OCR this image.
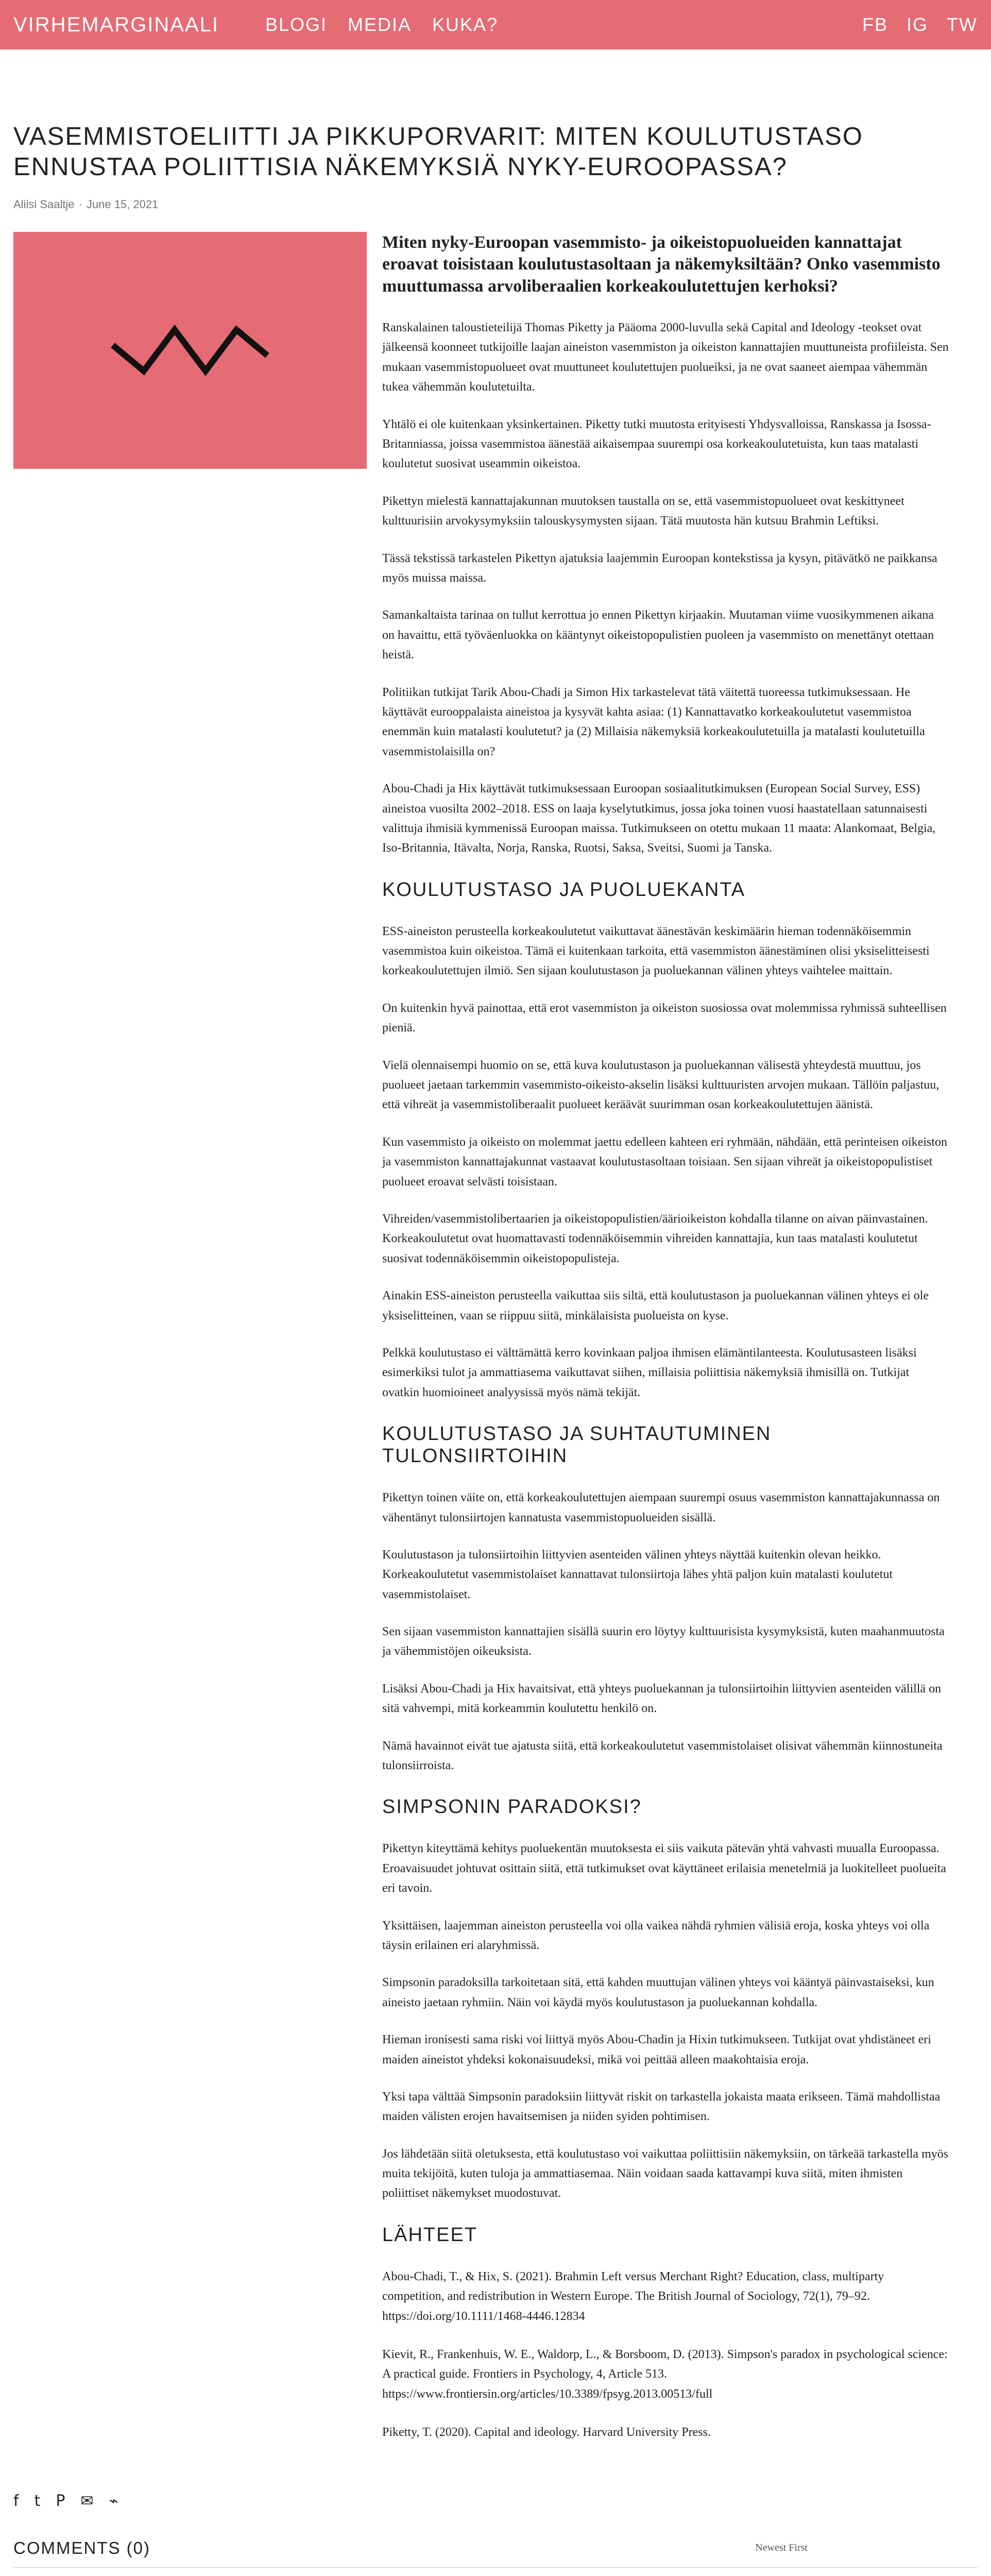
VIRHEMARGINAALI	BLOGI MEDIA KUKA?	FB IG TW
VASEMMISTOELIITTI JA PIKKUPORVARIT: MITEN KOULUTUSTASO ENNUSTAA POLIITTISIA NÄKEMYKSIÄ NYKY-EUROOPASSA?
Aliisi Saaltje · June 15, 2021

Miten nyky-Euroopan vasemmisto- ja oikeistopuolueiden kannattajat eroavat toisistaan koulutustasoltaan ja näkemyksiltään? Onko vasemmisto muuttumassa arvoliberaalien korkeakoulutettujen kerhoksi?

Ranskalainen taloustieteilijä Thomas Piketty ja Pääoma 2000-luvulla sekä Capital and Ideology -teokset ovat jälkeensä koonneet tutkijoille laajan aineiston vasemmiston ja oikeiston kannattajien muuttuneista profiileista. Sen mukaan vasemmistopuolueet ovat muuttuneet koulutettujen puolueiksi, ja ne ovat saaneet aiempaa vähemmän tukea vähemmän koulutetuilta.

Yhtälö ei ole kuitenkaan yksinkertainen. Piketty tutki muutosta erityisesti Yhdysvalloissa, Ranskassa ja Isossa-Britanniassa, joissa vasemmistoa äänestää aikaisempaa suurempi osa korkeakoulutetuista, kun taas matalasti koulutetut suosivat useammin oikeistoa.

Pikettyn mielestä kannattajakunnan muutoksen taustalla on se, että vasemmistopuolueet ovat keskittyneet kulttuurisiin arvokysymyksiin talouskysymysten sijaan. Tätä muutosta hän kutsuu Brahmin Leftiksi.

Tässä tekstissä tarkastelen Pikettyn ajatuksia laajemmin Euroopan kontekstissa ja kysyn, pitävätkö ne paikkansa myös muissa maissa.

Samankaltaista tarinaa on tullut kerrottua jo ennen Pikettyn kirjaakin. Muutaman viime vuosikymmenen aikana on havaittu, että työväenluokka on kääntynyt oikeistopopulistien puoleen ja vasemmisto on menettänyt otettaan heistä.

Politiikan tutkijat Tarik Abou-Chadi ja Simon Hix tarkastelevat tätä väitettä tuoreessa tutkimuksessaan. He käyttävät eurooppalaista aineistoa ja kysyvät kahta asiaa: (1) Kannattavatko korkeakoulutetut vasemmistoa enemmän kuin matalasti koulutetut? ja (2) Millaisia näkemyksiä korkeakoulutetuilla ja matalasti koulutetuilla vasemmistolaisilla on?

Abou-Chadi ja Hix käyttävät tutkimuksessaan Euroopan sosiaalitutkimuksen (European Social Survey, ESS) aineistoa vuosilta 2002–2018. ESS on laaja kyselytutkimus, jossa joka toinen vuosi haastatellaan satunnaisesti valittuja ihmisiä kymmenissä Euroopan maissa. Tutkimukseen on otettu mukaan 11 maata: Alankomaat, Belgia, Iso-Britannia, Itävalta, Norja, Ranska, Ruotsi, Saksa, Sveitsi, Suomi ja Tanska.

KOULUTUSTASO JA PUOLUEKANTA

ESS-aineiston perusteella korkeakoulutetut vaikuttavat äänestävän keskimäärin hieman todennäköisemmin vasemmistoa kuin oikeistoa. Tämä ei kuitenkaan tarkoita, että vasemmiston äänestäminen olisi yksiselitteisesti korkeakoulutettujen ilmiö. Sen sijaan koulutustason ja puoluekannan välinen yhteys vaihtelee maittain.

On kuitenkin hyvä painottaa, että erot vasemmiston ja oikeiston suosiossa ovat molemmissa ryhmissä suhteellisen pieniä.

Vielä olennaisempi huomio on se, että kuva koulutustason ja puoluekannan välisestä yhteydestä muuttuu, jos puolueet jaetaan tarkemmin vasemmisto-oikeisto-akselin lisäksi kulttuuristen arvojen mukaan. Tällöin paljastuu, että vihreät ja vasemmistoliberaalit puolueet keräävät suurimman osan korkeakoulutettujen äänistä.

Kun vasemmisto ja oikeisto on molemmat jaettu edelleen kahteen eri ryhmään, nähdään, että perinteisen oikeiston ja vasemmiston kannattajakunnat vastaavat koulutustasoltaan toisiaan. Sen sijaan vihreät ja oikeistopopulistiset puolueet eroavat selvästi toisistaan.

Vihreiden/vasemmistolibertaarien ja oikeistopopulistien/äärioikeiston kohdalla tilanne on aivan päinvastainen. Korkeakoulutetut ovat huomattavasti todennäköisemmin vihreiden kannattajia, kun taas matalasti koulutetut suosivat todennäköisemmin oikeistopopulisteja.

Ainakin ESS-aineiston perusteella vaikuttaa siis siltä, että koulutustason ja puoluekannan välinen yhteys ei ole yksiselitteinen, vaan se riippuu siitä, minkälaisista puolueista on kyse.

Pelkkä koulutustaso ei välttämättä kerro kovinkaan paljoa ihmisen elämäntilanteesta. Koulutusasteen lisäksi esimerkiksi tulot ja ammattiasema vaikuttavat siihen, millaisia poliittisia näkemyksiä ihmisillä on. Tutkijat ovatkin huomioineet analyysissä myös nämä tekijät.

KOULUTUSTASO JA SUHTAUTUMINEN TULONSIIRTOIHIN

Pikettyn toinen väite on, että korkeakoulutettujen aiempaan suurempi osuus vasemmiston kannattajakunnassa on vähentänyt tulonsiirtojen kannatusta vasemmistopuolueiden sisällä.

Koulutustason ja tulonsiirtoihin liittyvien asenteiden välinen yhteys näyttää kuitenkin olevan heikko. Korkeakoulutetut vasemmistolaiset kannattavat tulonsiirtoja lähes yhtä paljon kuin matalasti koulutetut vasemmistolaiset.

Sen sijaan vasemmiston kannattajien sisällä suurin ero löytyy kulttuurisista kysymyksistä, kuten maahanmuutosta ja vähemmistöjen oikeuksista.

Lisäksi Abou-Chadi ja Hix havaitsivat, että yhteys puoluekannan ja tulonsiirtoihin liittyvien asenteiden välillä on sitä vahvempi, mitä korkeammin koulutettu henkilö on.

Nämä havainnot eivät tue ajatusta siitä, että korkeakoulutetut vasemmistolaiset olisivat vähemmän kiinnostuneita tulonsiirroista.

SIMPSONIN PARADOKSI?

Pikettyn kiteyttämä kehitys puoluekentän muutoksesta ei siis vaikuta pätevän yhtä vahvasti muualla Euroopassa. Eroavaisuudet johtuvat osittain siitä, että tutkimukset ovat käyttäneet erilaisia menetelmiä ja luokitelleet puolueita eri tavoin.

Yksittäisen, laajemman aineiston perusteella voi olla vaikea nähdä ryhmien välisiä eroja, koska yhteys voi olla täysin erilainen eri alaryhmissä.

Simpsonin paradoksilla tarkoitetaan sitä, että kahden muuttujan välinen yhteys voi kääntyä päinvastaiseksi, kun aineisto jaetaan ryhmiin. Näin voi käydä myös koulutustason ja puoluekannan kohdalla.

Hieman ironisesti sama riski voi liittyä myös Abou-Chadin ja Hixin tutkimukseen. Tutkijat ovat yhdistäneet eri maiden aineistot yhdeksi kokonaisuudeksi, mikä voi peittää alleen maakohtaisia eroja.

Yksi tapa välttää Simpsonin paradoksiin liittyvät riskit on tarkastella jokaista maata erikseen. Tämä mahdollistaa maiden välisten erojen havaitsemisen ja niiden syiden pohtimisen.

Jos lähdetään siitä oletuksesta, että koulutustaso voi vaikuttaa poliittisiin näkemyksiin, on tärkeää tarkastella myös muita tekijöitä, kuten tuloja ja ammattiasemaa. Näin voidaan saada kattavampi kuva siitä, miten ihmisten poliittiset näkemykset muodostuvat.

LÄHTEET

Abou-Chadi, T., & Hix, S. (2021). Brahmin Left versus Merchant Right? Education, class, multiparty competition, and redistribution in Western Europe. The British Journal of Sociology, 72(1), 79–92. https://doi.org/10.1111/1468-4446.12834

Kievit, R., Frankenhuis, W. E., Waldorp, L., & Borsboom, D. (2013). Simpson's paradox in psychological science: A practical guide. Frontiers in Psychology, 4, Article 513. https://www.frontiersin.org/articles/10.3389/fpsyg.2013.00513/full

Piketty, T. (2020). Capital and ideology. Harvard University Press.

f t P ✉ ⌁
COMMENTS (0)	Newest First
